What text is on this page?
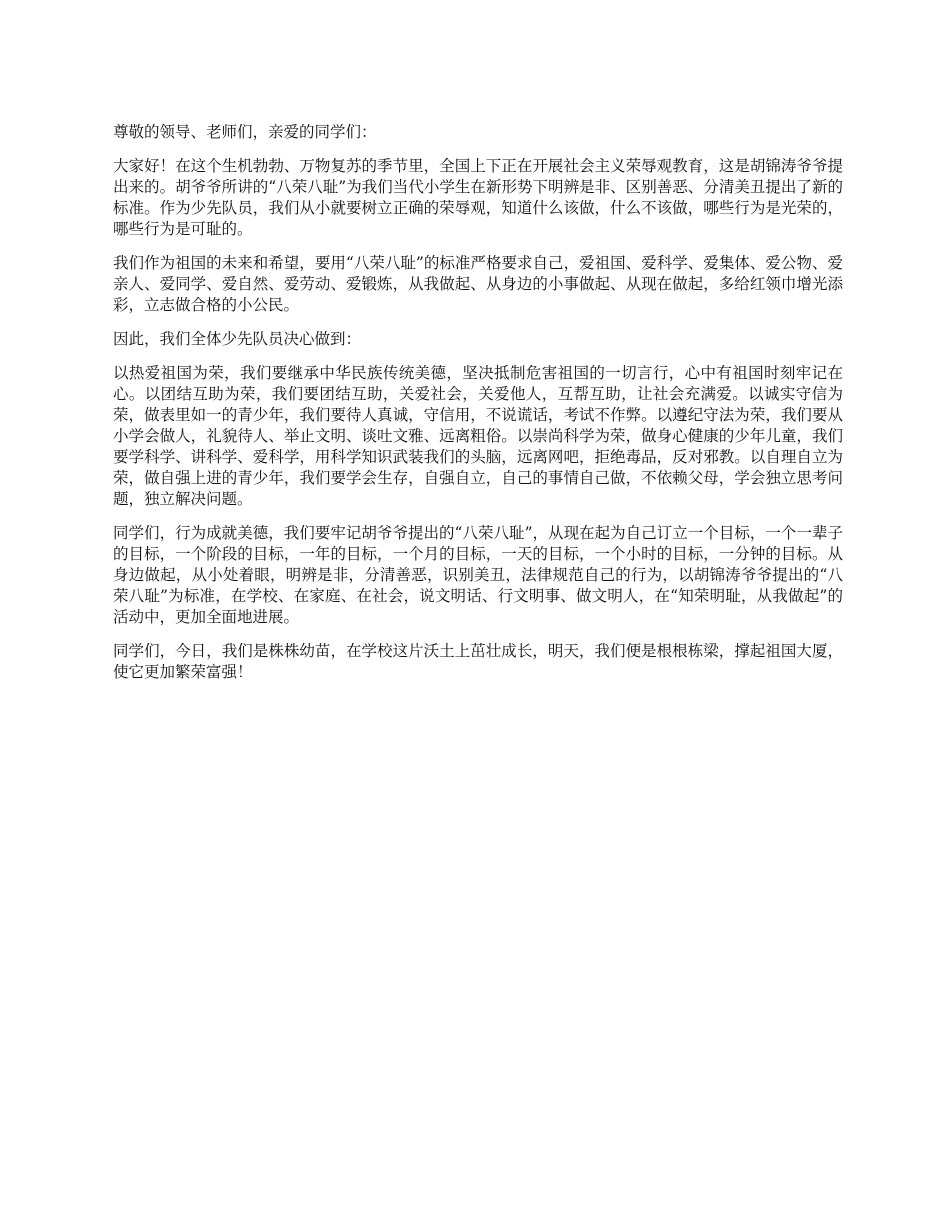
尊敬的领导、老师们，亲爱的同学们：

大家好！在这个生机勃勃、万物复苏的季节里，全国上下正在开展社会主义荣辱观教育，这是胡锦涛爷爷提出来的。胡爷爷所讲的“八荣八耻”为我们当代小学生在新形势下明辨是非、区别善恶、分清美丑提出了新的标准。作为少先队员，我们从小就要树立正确的荣辱观，知道什么该做，什么不该做，哪些行为是光荣的，哪些行为是可耻的。

我们作为祖国的未来和希望，要用“八荣八耻”的标准严格要求自己，爱祖国、爱科学、爱集体、爱公物、爱亲人、爱同学、爱自然、爱劳动、爱锻炼，从我做起、从身边的小事做起、从现在做起，多给红领巾增光添彩，立志做合格的小公民。

因此，我们全体少先队员决心做到：

以热爱祖国为荣，我们要继承中华民族传统美德，坚决抵制危害祖国的一切言行，心中有祖国时刻牢记在心。以团结互助为荣，我们要团结互助，关爱社会，关爱他人，互帮互助，让社会充满爱。以诚实守信为荣，做表里如一的青少年，我们要待人真诚，守信用，不说谎话，考试不作弊。以遵纪守法为荣，我们要从小学会做人，礼貌待人、举止文明、谈吐文雅、远离粗俗。以崇尚科学为荣，做身心健康的少年儿童，我们要学科学、讲科学、爱科学，用科学知识武装我们的头脑，远离网吧，拒绝毒品，反对邪教。以自理自立为荣，做自强上进的青少年，我们要学会生存，自强自立，自己的事情自己做，不依赖父母，学会独立思考问题，独立解决问题。

同学们，行为成就美德，我们要牢记胡爷爷提出的“八荣八耻”，从现在起为自己订立一个目标，一个一辈子的目标，一个阶段的目标，一年的目标，一个月的目标，一天的目标，一个小时的目标，一分钟的目标。从身边做起，从小处着眼，明辨是非，分清善恶，识别美丑，法律规范自己的行为，以胡锦涛爷爷提出的“八荣八耻”为标准，在学校、在家庭、在社会，说文明话、行文明事、做文明人，在“知荣明耻，从我做起”的活动中，更加全面地进展。

同学们，今日，我们是株株幼苗，在学校这片沃土上茁壮成长，明天，我们便是根根栋梁，撑起祖国大厦，使它更加繁荣富强！
